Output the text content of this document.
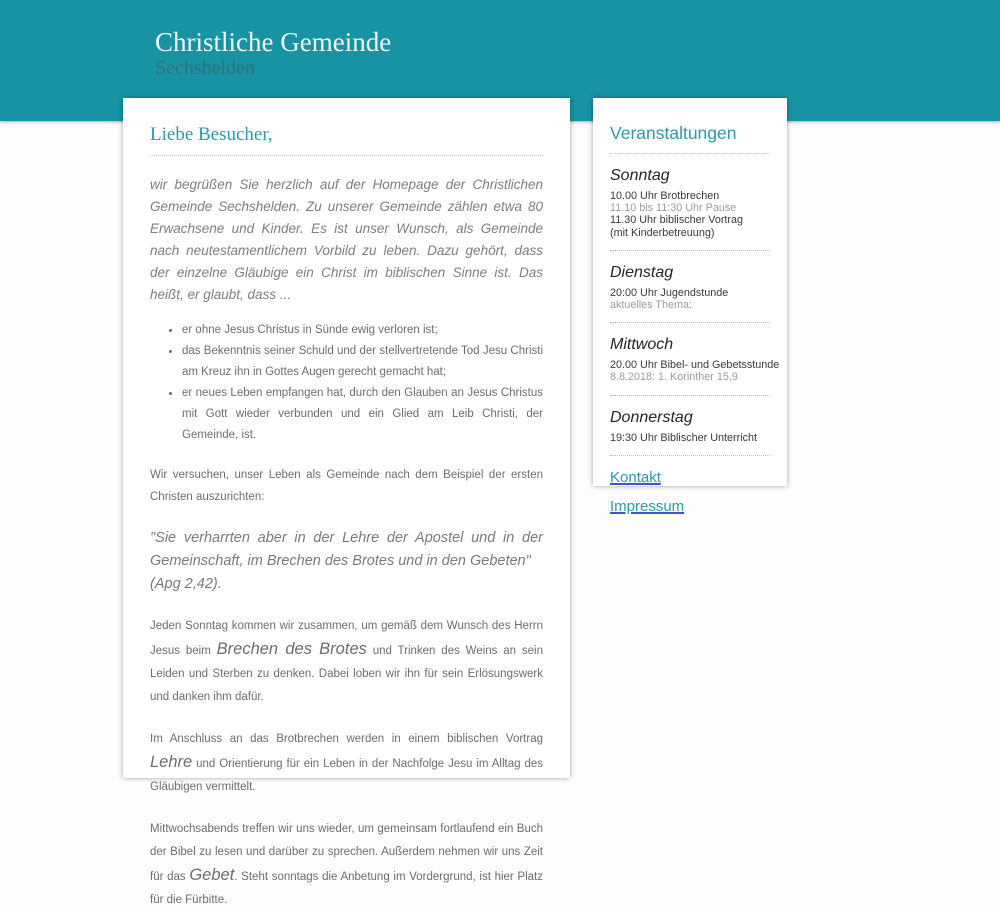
Christliche Gemeinde
Sechshelden
Liebe Besucher,

wir begrüßen Sie herzlich auf der Homepage der Christlichen Gemeinde Sechshelden. Zu unserer Gemeinde zählen etwa 80 Erwachsene und Kinder. Es ist unser Wunsch, als Gemeinde nach neutestamentlichem Vorbild zu leben. Dazu gehört, dass der einzelne Gläubige ein Christ im biblischen Sinne ist. Das heißt, er glaubt, dass ...

• er ohne Jesus Christus in Sünde ewig verloren ist;
• das Bekenntnis seiner Schuld und der stellvertretende Tod Jesu Christi am Kreuz ihn in Gottes Augen gerecht gemacht hat;
• er neues Leben empfangen hat, durch den Glauben an Jesus Christus mit Gott wieder verbunden und ein Glied am Leib Christi, der Gemeinde, ist.

Wir versuchen, unser Leben als Gemeinde nach dem Beispiel der ersten Christen auszurichten:

"Sie verharrten aber in der Lehre der Apostel und in der Gemeinschaft, im Brechen des Brotes und in den Gebeten"
(Apg 2,42).

Jeden Sonntag kommen wir zusammen, um gemäß dem Wunsch des Herrn Jesus beim Brechen des Brotes und Trinken des Weins an sein Leiden und Sterben zu denken. Dabei loben wir ihn für sein Erlösungswerk und danken ihm dafür.

Im Anschluss an das Brotbrechen werden in einem biblischen Vortrag Lehre und Orientierung für ein Leben in der Nachfolge Jesu im Alltag des Gläubigen vermittelt.

Mittwochsabends treffen wir uns wieder, um gemeinsam fortlaufend ein Buch der Bibel zu lesen und darüber zu sprechen. Außerdem nehmen wir uns Zeit für das Gebet. Steht sonntags die Anbetung im Vordergrund, ist hier Platz für die Fürbitte.

Veranstaltungen
Sonntag
10.00 Uhr Brotbrechen
11.10 bis 11:30 Uhr Pause
11.30 Uhr biblischer Vortrag
(mit Kinderbetreuung)
Dienstag
20:00 Uhr Jugendstunde
aktuelles Thema:
Mittwoch
20.00 Uhr Bibel- und Gebetsstunde
8.8.2018: 1. Korinther 15,9
Donnerstag
19:30 Uhr Biblischer Unterricht
Kontakt
Impressum
